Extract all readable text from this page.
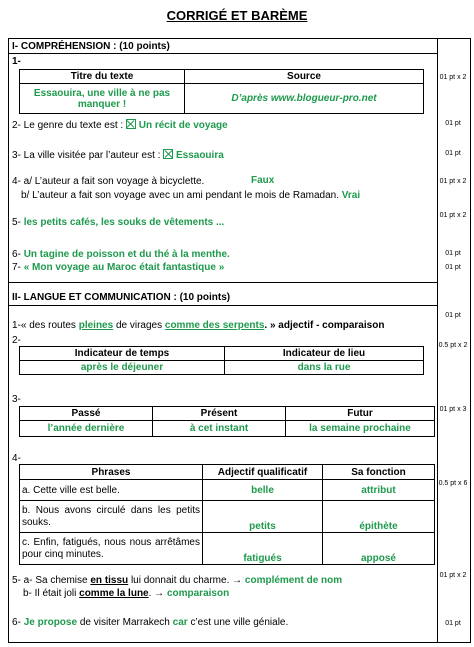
CORRIGÉ ET BARÈME
I- COMPRÉHENSION : (10 points)
1-
Titre du texte	Source
Essaouira, une ville à ne pas manquer !	D’après www.blogueur-pro.net
2- Le genre du texte est : Un récit de voyage
3- La ville visitée par l’auteur est : Essaouira
4- a/ L’auteur a fait son voyage à bicyclette.	Faux
b/ L’auteur a fait son voyage avec un ami pendant le mois de Ramadan. Vrai
5- les petits cafés, les souks de vêtements ...
6- Un tagine de poisson et du thé à la menthe.
7- « Mon voyage au Maroc était fantastique »
II- LANGUE ET COMMUNICATION : (10 points)
1-« des routes pleines de virages comme des serpents. » adjectif - comparaison
2-
Indicateur de temps	Indicateur de lieu
après le déjeuner	dans la rue
3-
Passé	Présent	Futur
l’année dernière	à cet instant	la semaine prochaine
4-
Phrases	Adjectif qualificatif	Sa fonction
a. Cette ville est belle.	belle	attribut
b. Nous avons circulé dans les petits souks.	petits	épithète
c. Enfin, fatigués, nous nous arrêtâmes pour cinq minutes.	fatigués	apposé
5- a- Sa chemise en tissu lui donnait du charme. → complément de nom
b- Il était joli comme la lune. → comparaison
6- Je propose de visiter Marrakech car c’est une ville géniale.
01 pt x 2
01 pt
01 pt
01 pt x 2
01 pt x 2
01 pt
01 pt
01 pt
0.5 pt x 2
01 pt x 3
0.5 pt x 6
01 pt x 2
01 pt
